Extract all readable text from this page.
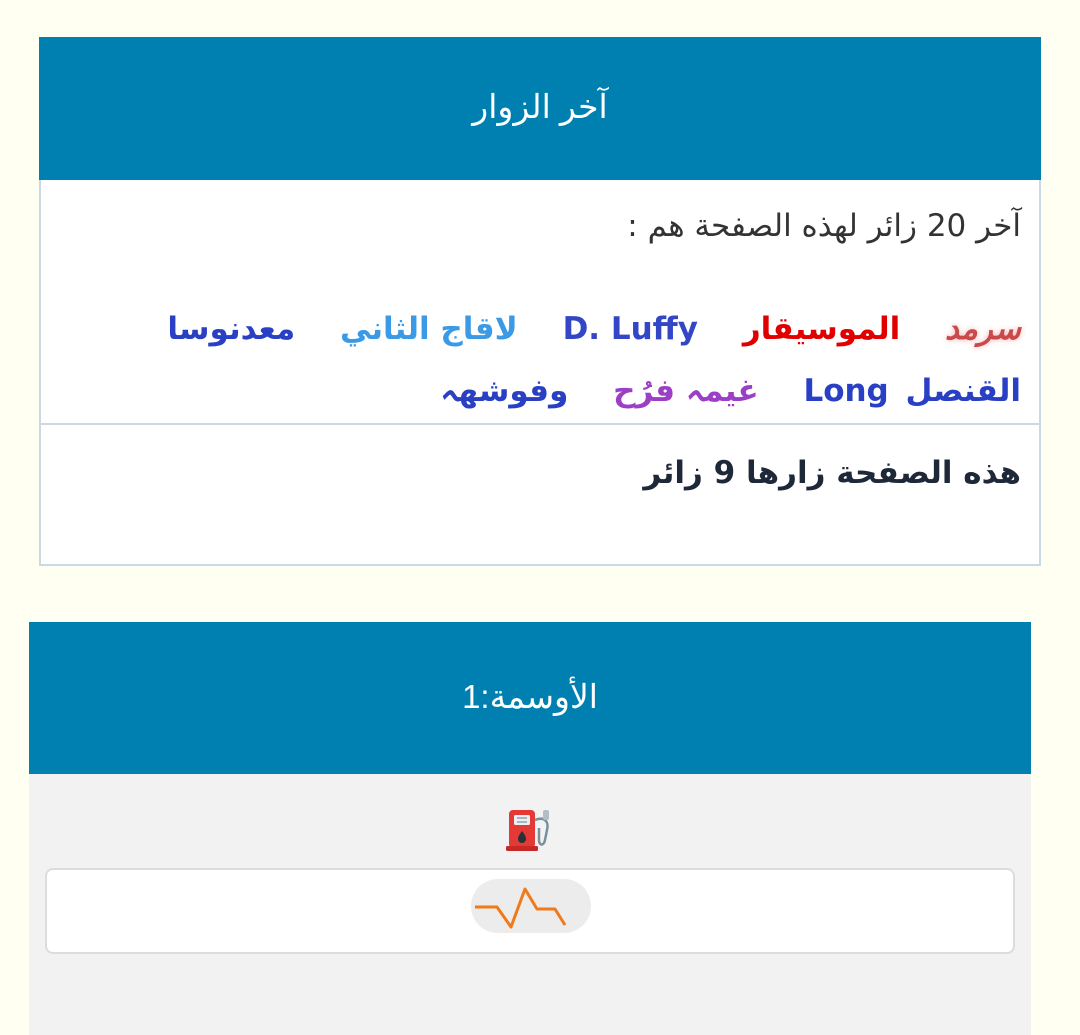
آخر الزوار
آخر 20 زائر لهذه الصفحة هم :
سرمد الموسيقار D. Luffy لاقاج الثاني معدنوسا القنصل Long غيمہ فرُح وفوشهہ
هذه الصفحة زارها 9 زائر
الأوسمة:1
